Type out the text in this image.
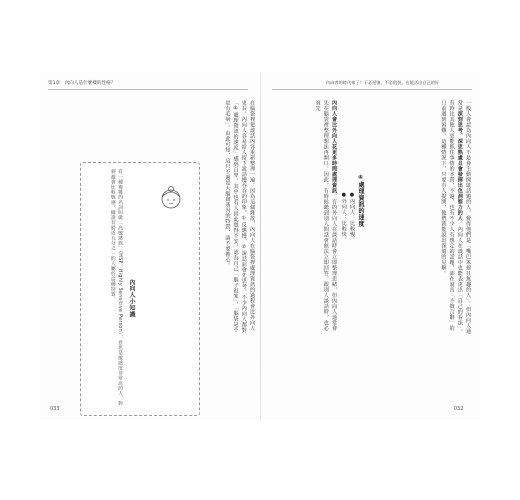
第1章　內向人是什麼樣的性格？
有一種複雜的名詞叫做「高敏感族」（HSP，Highly Sensitive Person），意思是敏感度非常高的人，對刺激會比較敏感。據說有將近五分之一的人屬於這種特質。	內向人小知識	在腦袋裡把談話內容重新整理一遍。因為這個緣故，內向人在腦袋裡處理資訊的過程會比外向人更長。內向人容易給人留下說話慢吞吞的印象，①反應慢、②說話前會先思考。不少內向人都對「④處理資訊的速度」感到自卑，其中也有人因此覺得不安，認為自己「腦子很笨」，「腦袋是不是有毛病」。由此可知，這只不過是大腦與基因的特質，請不要擔心。
033
內向者的時代來了！不必逞強，不必假裝，也能活出自己的好

一般人會認為內向人不是會主動開啟話題的人，覺得他們是「嘴巴笨拙且無趣的人」。但內向人通常是深刻思考、深思熟慮且會發揮出色洞察力的人。內向人在談話中也能表達出「自己的看法」，有時比其他人更能抓住事情的本質，不過，也有不少人有想定的話題，卻在說出「不擅言辭」的口前遇到困難。這種情況下，只要有人提問，他們就能說出深刻的見解。

④處理資訊的速度

●內向人：比較慢。

●外向人：比較快。

內向人會比外向人花更多時間處理資訊。有的外向人在談話時會立即整理思緒，但內向人通常會先在腦袋裡整理想法再開口。因此，有時候聽到別人問話會無法立即回答，跟別人談話時，也必須先

032
